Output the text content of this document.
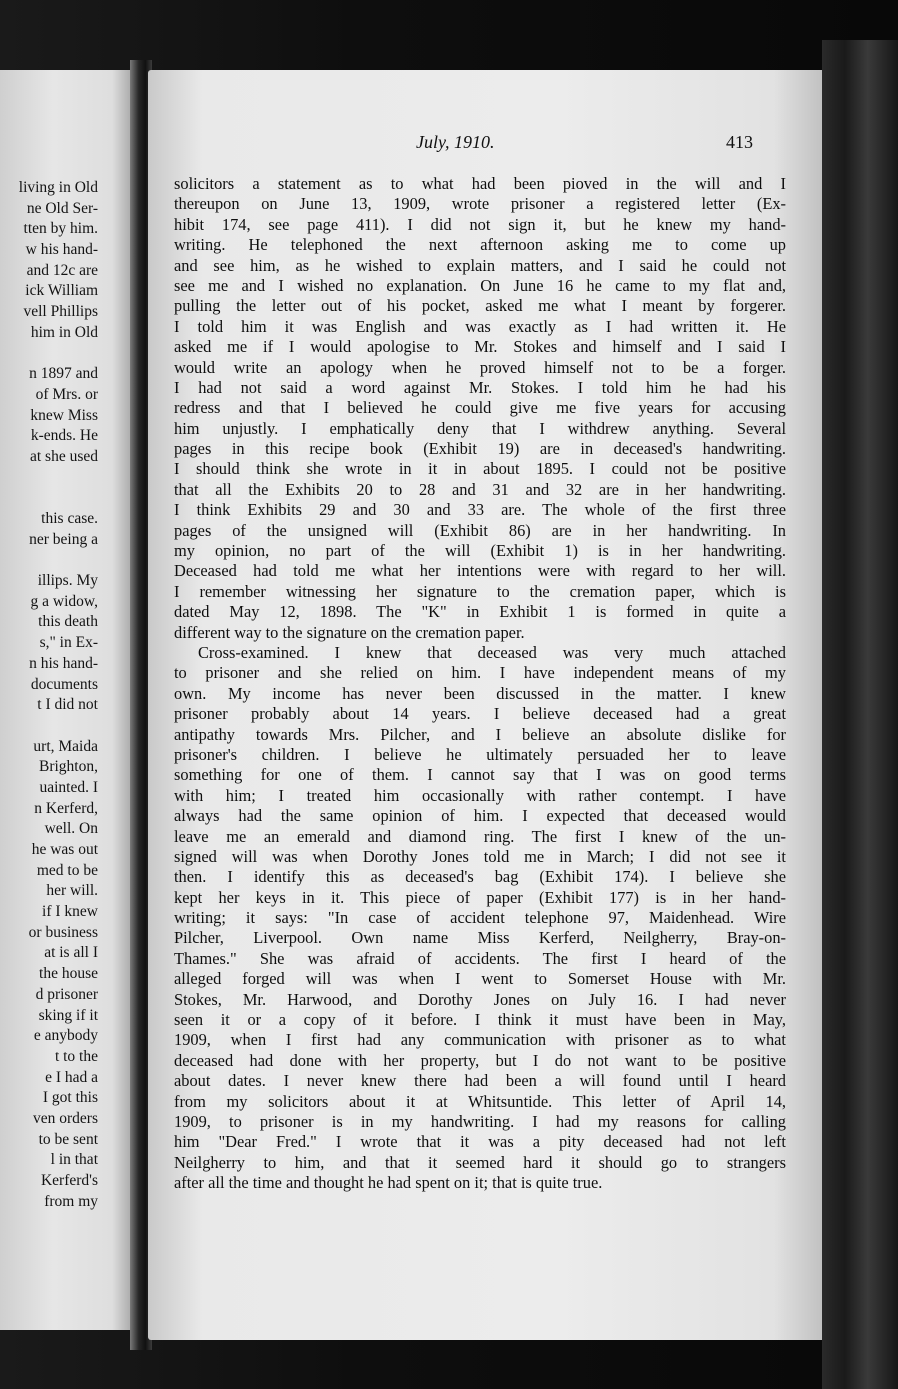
living in Old
ne Old Ser-
tten by him.
w his hand-
and 12c are
ick William
vell Phillips
him in Old
n 1897 and
of Mrs. or
knew Miss
k-ends. He
at she used
this case.
ner being a
illips. My
g a widow,
this death
s," in Ex-
n his hand-
documents
t I did not
urt, Maida
Brighton,
uainted. I
n Kerferd,
well. On
he was out
med to be
her will.
if I knew
or business
at is all I
the house
d prisoner
sking if it
e anybody
t to the
e I had a
I got this
ven orders
to be sent
l in that
Kerferd's
from my
July, 1910.	413
solicitors a statement as to what had been pioved in the will and I
thereupon on June 13, 1909, wrote prisoner a registered letter (Ex-
hibit 174, see page 411). I did not sign it, but he knew my hand-
writing. He telephoned the next afternoon asking me to come up
and see him, as he wished to explain matters, and I said he could not
see me and I wished no explanation. On June 16 he came to my flat and,
pulling the letter out of his pocket, asked me what I meant by forgerer.
I told him it was English and was exactly as I had written it. He
asked me if I would apologise to Mr. Stokes and himself and I said I
would write an apology when he proved himself not to be a forger.
I had not said a word against Mr. Stokes. I told him he had his
redress and that I believed he could give me five years for accusing
him unjustly. I emphatically deny that I withdrew anything. Several
pages in this recipe book (Exhibit 19) are in deceased's handwriting.
I should think she wrote in it in about 1895. I could not be positive
that all the Exhibits 20 to 28 and 31 and 32 are in her handwriting.
I think Exhibits 29 and 30 and 33 are. The whole of the first three
pages of the unsigned will (Exhibit 86) are in her handwriting. In
my opinion, no part of the will (Exhibit 1) is in her handwriting.
Deceased had told me what her intentions were with regard to her will.
I remember witnessing her signature to the cremation paper, which is
dated May 12, 1898. The "K" in Exhibit 1 is formed in quite a
different way to the signature on the cremation paper.
Cross-examined. I knew that deceased was very much attached
to prisoner and she relied on him. I have independent means of my
own. My income has never been discussed in the matter. I knew
prisoner probably about 14 years. I believe deceased had a great
antipathy towards Mrs. Pilcher, and I believe an absolute dislike for
prisoner's children. I believe he ultimately persuaded her to leave
something for one of them. I cannot say that I was on good terms
with him; I treated him occasionally with rather contempt. I have
always had the same opinion of him. I expected that deceased would
leave me an emerald and diamond ring. The first I knew of the un-
signed will was when Dorothy Jones told me in March; I did not see it
then. I identify this as deceased's bag (Exhibit 174). I believe she
kept her keys in it. This piece of paper (Exhibit 177) is in her hand-
writing; it says: "In case of accident telephone 97, Maidenhead. Wire
Pilcher, Liverpool. Own name Miss Kerferd, Neilgherry, Bray-on-
Thames." She was afraid of accidents. The first I heard of the
alleged forged will was when I went to Somerset House with Mr.
Stokes, Mr. Harwood, and Dorothy Jones on July 16. I had never
seen it or a copy of it before. I think it must have been in May,
1909, when I first had any communication with prisoner as to what
deceased had done with her property, but I do not want to be positive
about dates. I never knew there had been a will found until I heard
from my solicitors about it at Whitsuntide. This letter of April 14,
1909, to prisoner is in my handwriting. I had my reasons for calling
him "Dear Fred." I wrote that it was a pity deceased had not left
Neilgherry to him, and that it seemed hard it should go to strangers
after all the time and thought he had spent on it; that is quite true.
